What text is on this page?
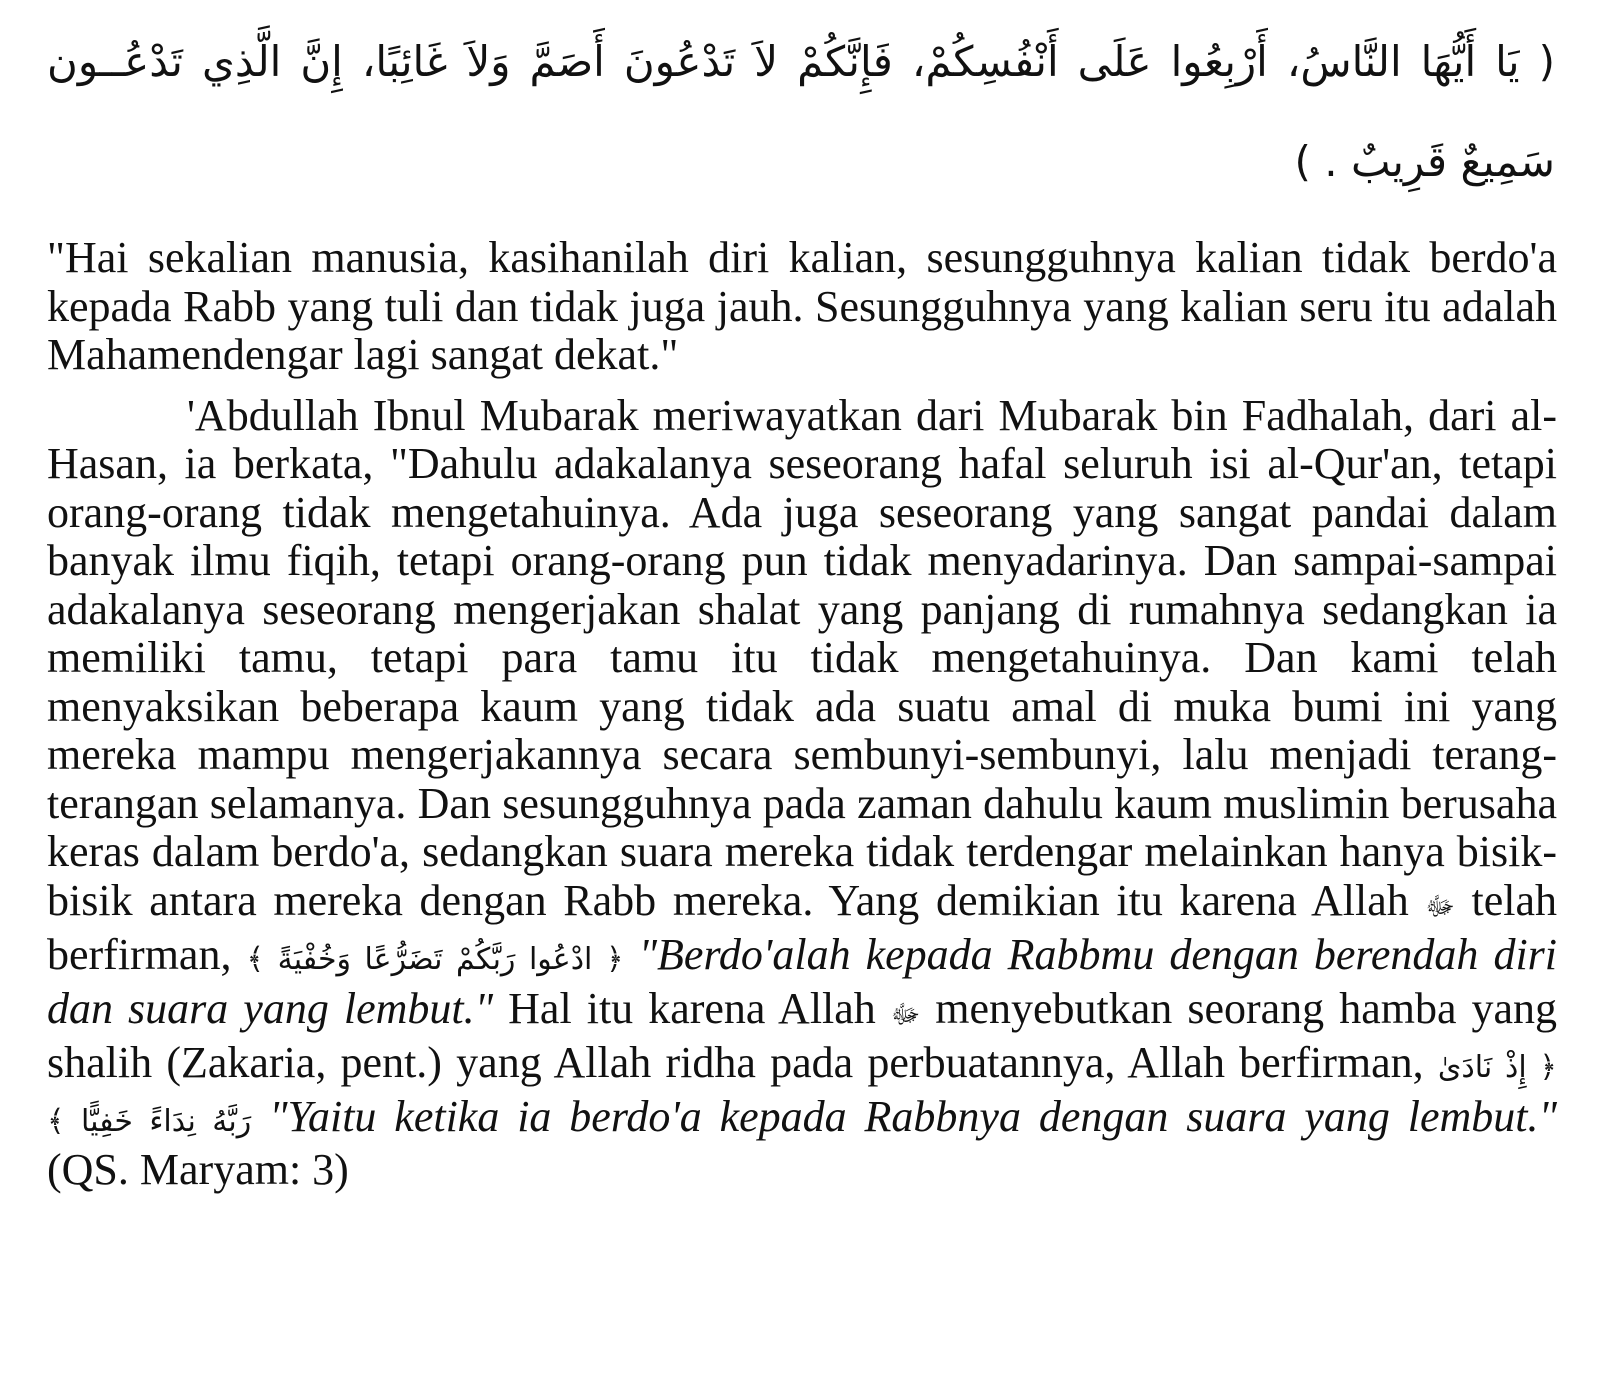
( يَا أَيُّهَا النَّاسُ، أَرْبِعُوا عَلَى أَنْفُسِكُمْ، فَإِنَّكُمْ لاَ تَدْعُونَ أَصَمَّ وَلاَ غَائِبًا، إِنَّ الَّذِي تَدْعُــون سَمِيعٌ قَرِيبٌ . )

"Hai sekalian manusia, kasihanilah diri kalian, sesungguhnya kalian tidak berdo'a kepada Rabb yang tuli dan tidak juga jauh. Sesungguhnya yang kalian seru itu adalah Mahamendengar lagi sangat dekat."

'Abdullah Ibnul Mubarak meriwayatkan dari Mubarak bin Fadhalah, dari al-Hasan, ia berkata, "Dahulu adakalanya seseorang hafal seluruh isi al-Qur'an, tetapi orang-orang tidak mengetahuinya. Ada juga seseorang yang sangat pandai dalam banyak ilmu fiqih, tetapi orang-orang pun tidak menyadarinya. Dan sampai-sampai adakalanya seseorang mengerjakan shalat yang panjang di rumahnya sedangkan ia memiliki tamu, tetapi para tamu itu tidak mengetahuinya. Dan kami telah menyaksikan beberapa kaum yang tidak ada suatu amal di muka bumi ini yang mereka mampu mengerjakannya secara sembunyi-sembunyi, lalu menjadi terang-terangan selamanya. Dan sesungguhnya pada zaman dahulu kaum muslimin berusaha keras dalam berdo'a, sedangkan suara mereka tidak terdengar melainkan hanya bisik-bisik antara mereka dengan Rabb mereka. Yang demikian itu karena Allah ﷻ telah berfirman, ﴿ ادْعُوا رَبَّكُمْ تَضَرُّعًا وَخُفْيَةً ﴾ "Berdo'alah kepada Rabbmu dengan berendah diri dan suara yang lembut." Hal itu karena Allah ﷻ menyebutkan seorang hamba yang shalih (Zakaria, pent.) yang Allah ridha pada perbuatannya, Allah berfirman, ﴿ إِذْ نَادَىٰ رَبَّهُ نِدَاءً خَفِيًّا ﴾ "Yaitu ketika ia berdo'a kepada Rabbnya dengan suara yang lembut." (QS. Maryam: 3)
